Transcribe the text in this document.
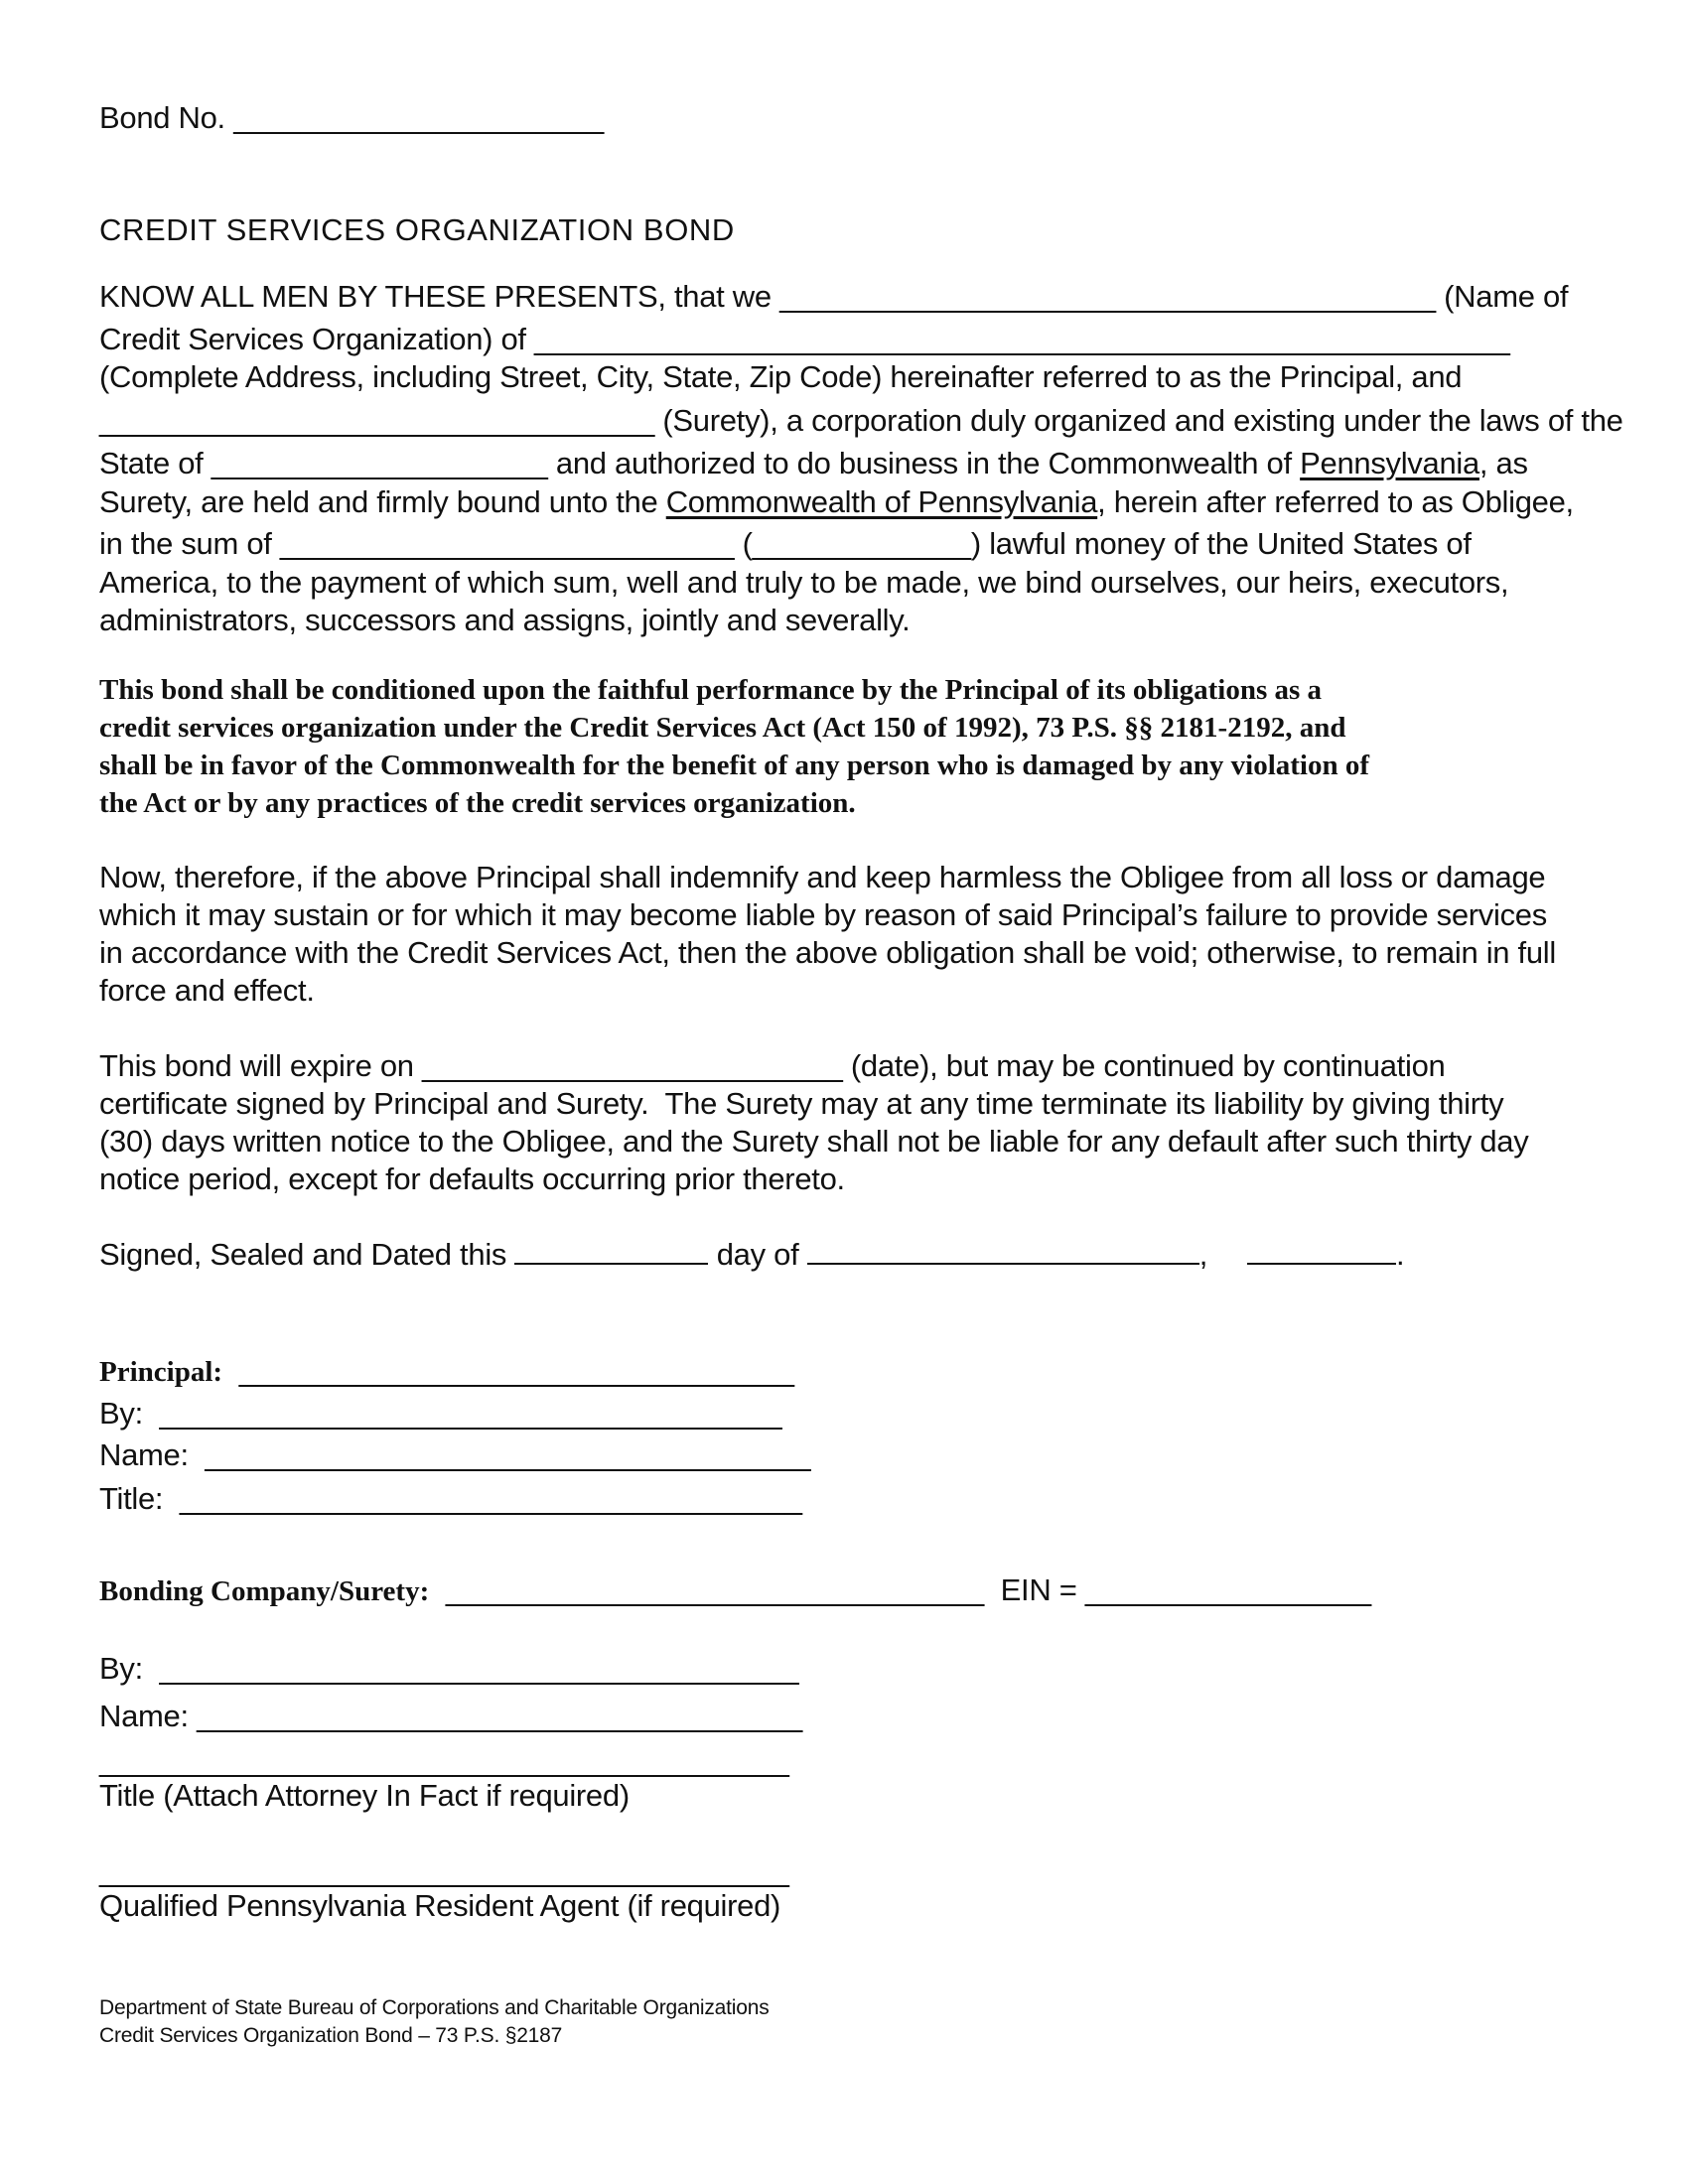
Bond No. ______________________
CREDIT SERVICES ORGANIZATION BOND
KNOW ALL MEN BY THESE PRESENTS, that we _______________________________________ (Name of
Credit Services Organization) of __________________________________________________________
(Complete Address, including Street, City, State, Zip Code) hereinafter referred to as the Principal, and
_________________________________ (Surety), a corporation duly organized and existing under the laws of the
State of ____________________ and authorized to do business in the Commonwealth of Pennsylvania, as
Surety, are held and firmly bound unto the Commonwealth of Pennsylvania, herein after referred to as Obligee,
in the sum of ___________________________ (_____________) lawful money of the United States of
America, to the payment of which sum, well and truly to be made, we bind ourselves, our heirs, executors,
administrators, successors and assigns, jointly and severally.
This bond shall be conditioned upon the faithful performance by the Principal of its obligations as a
credit services organization under the Credit Services Act (Act 150 of 1992), 73 P.S. §§ 2181-2192, and
shall be in favor of the Commonwealth for the benefit of any person who is damaged by any violation of
the Act or by any practices of the credit services organization.
Now, therefore, if the above Principal shall indemnify and keep harmless the Obligee from all loss or damage
which it may sustain or for which it may become liable by reason of said Principal’s failure to provide services
in accordance with the Credit Services Act, then the above obligation shall be void; otherwise, to remain in full
force and effect.
This bond will expire on _________________________ (date), but may be continued by continuation
certificate signed by Principal and Surety.  The Surety may at any time terminate its liability by giving thirty
(30) days written notice to the Obligee, and the Surety shall not be liable for any default after such thirty day
notice period, except for defaults occurring prior thereto.
Signed, Sealed and Dated this	day of	,	.
Principal: _________________________________
By:  _____________________________________
Name:  ____________________________________
Title:  _____________________________________
Bonding Company/Surety: ________________________________ EIN = _________________
By:  ______________________________________
Name: ____________________________________
_________________________________________
Title (Attach Attorney In Fact if required)
_________________________________________
Qualified Pennsylvania Resident Agent (if required)
Department of State Bureau of Corporations and Charitable Organizations
Credit Services Organization Bond – 73 P.S. §2187
